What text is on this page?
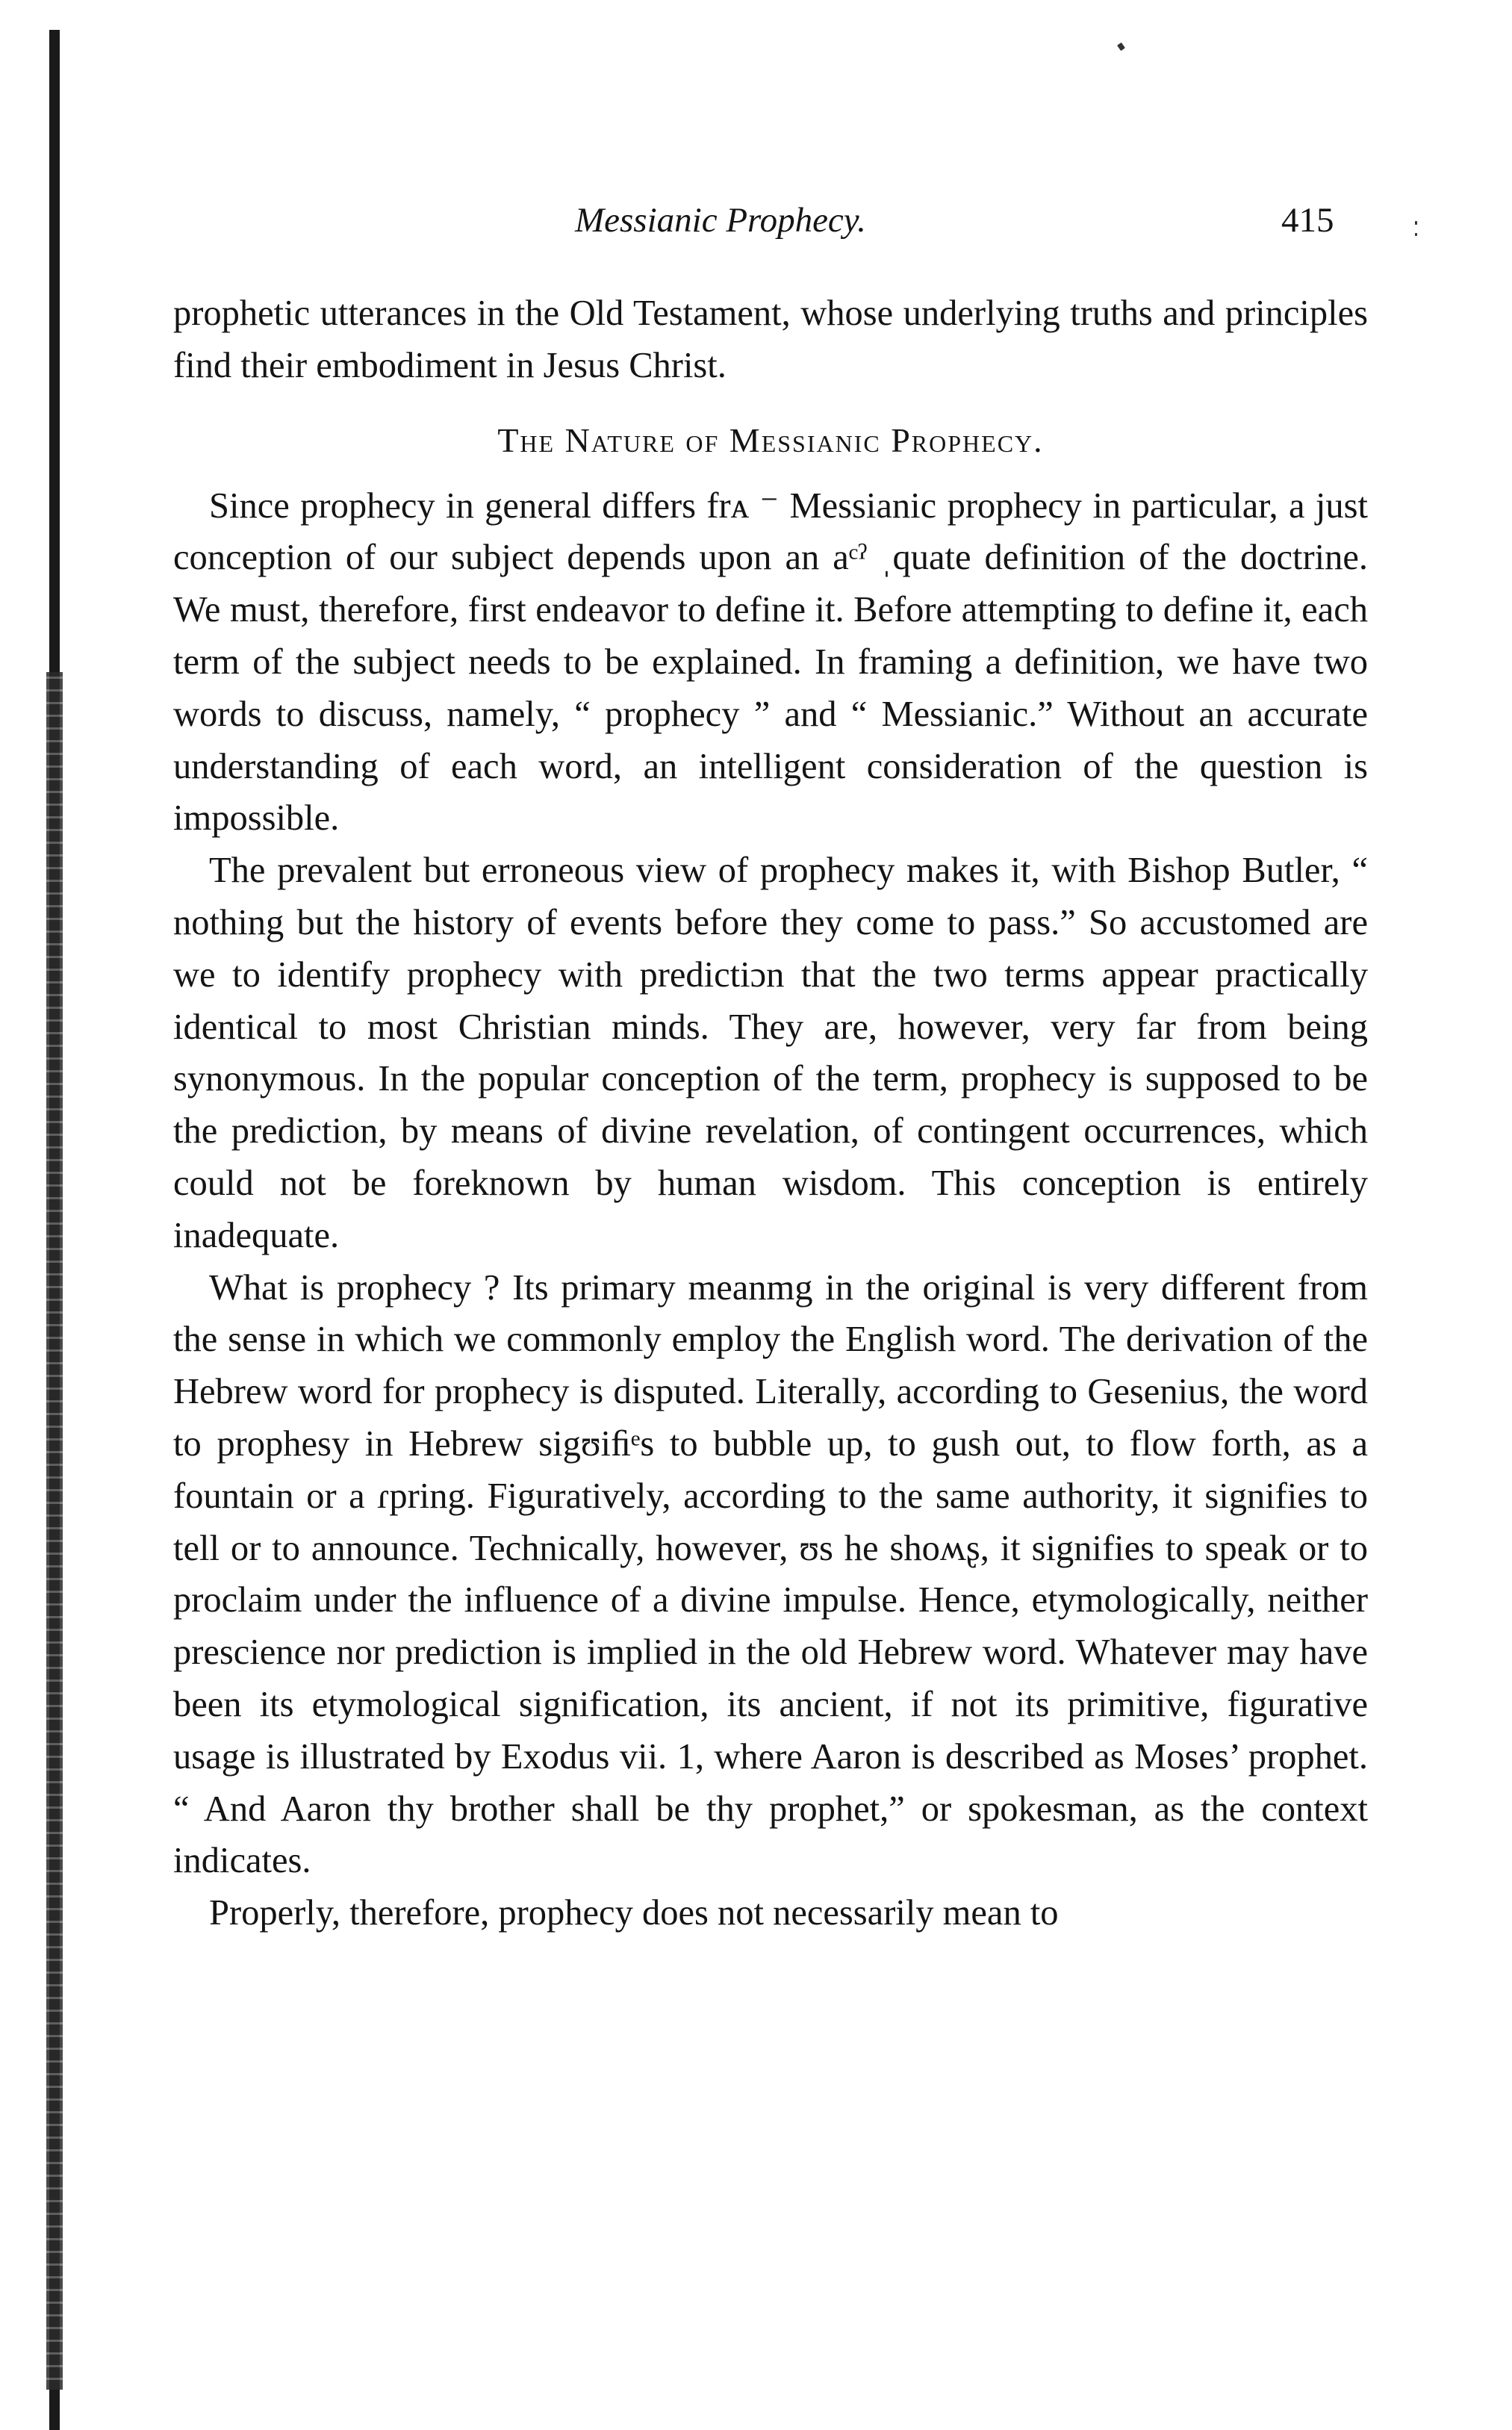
Messianic Prophecy.	415

prophetic utterances in the Old Testament, whose underlying truths and principles find their embodiment in Jesus Christ.

The Nature of Messianic Prophecy.

Since prophecy in general differs frᴀ ⁻ Messianic prophecy in particular, a just conception of our subject depends upon an aᶜˀ ˌquate definition of the doctrine. We must, therefore, first endeavor to define it. Before attempting to define it, each term of the subject needs to be explained. In framing a definition, we have two words to discuss, namely, “ prophecy ” and “ Messianic.” Without an accurate understanding of each word, an intelligent consideration of the question is impossible.

The prevalent but erroneous view of prophecy makes it, with Bishop Butler, “ nothing but the history of events before they come to pass.” So accustomed are we to identify prophecy with predictiɔn that the two terms appear practically identical to most Christian minds. They are, however, very far from being synonymous. In the popular conception of the term, prophecy is supposed to be the prediction, by means of divine revelation, of contingent occurrences, which could not be foreknown by human wisdom. This conception is entirely inadequate.

What is prophecy ? Its primary meanmg in the original is very different from the sense in which we commonly employ the English word. The derivation of the Hebrew word for prophecy is disputed. Literally, according to Gesenius, the word to prophesy in Hebrew sigʊiﬁᵉs to bubble up, to gush out, to flow forth, as a fountain or a ɾpring. Figuratively, according to the same authority, it signifies to tell or to announce. Technically, however, ʊs he shoʍʂ, it signifies to speak or to proclaim under the influence of a divine impulse. Hence, etymologically, neither prescience nor prediction is implied in the old Hebrew word. Whatever may have been its etymological signification, its ancient, if not its primitive, figurative usage is illustrated by Exodus vii. 1, where Aaron is described as Moses’ prophet. “ And Aaron thy brother shall be thy prophet,” or spokesman, as the context indicates.

Properly, therefore, prophecy does not necessarily mean to
